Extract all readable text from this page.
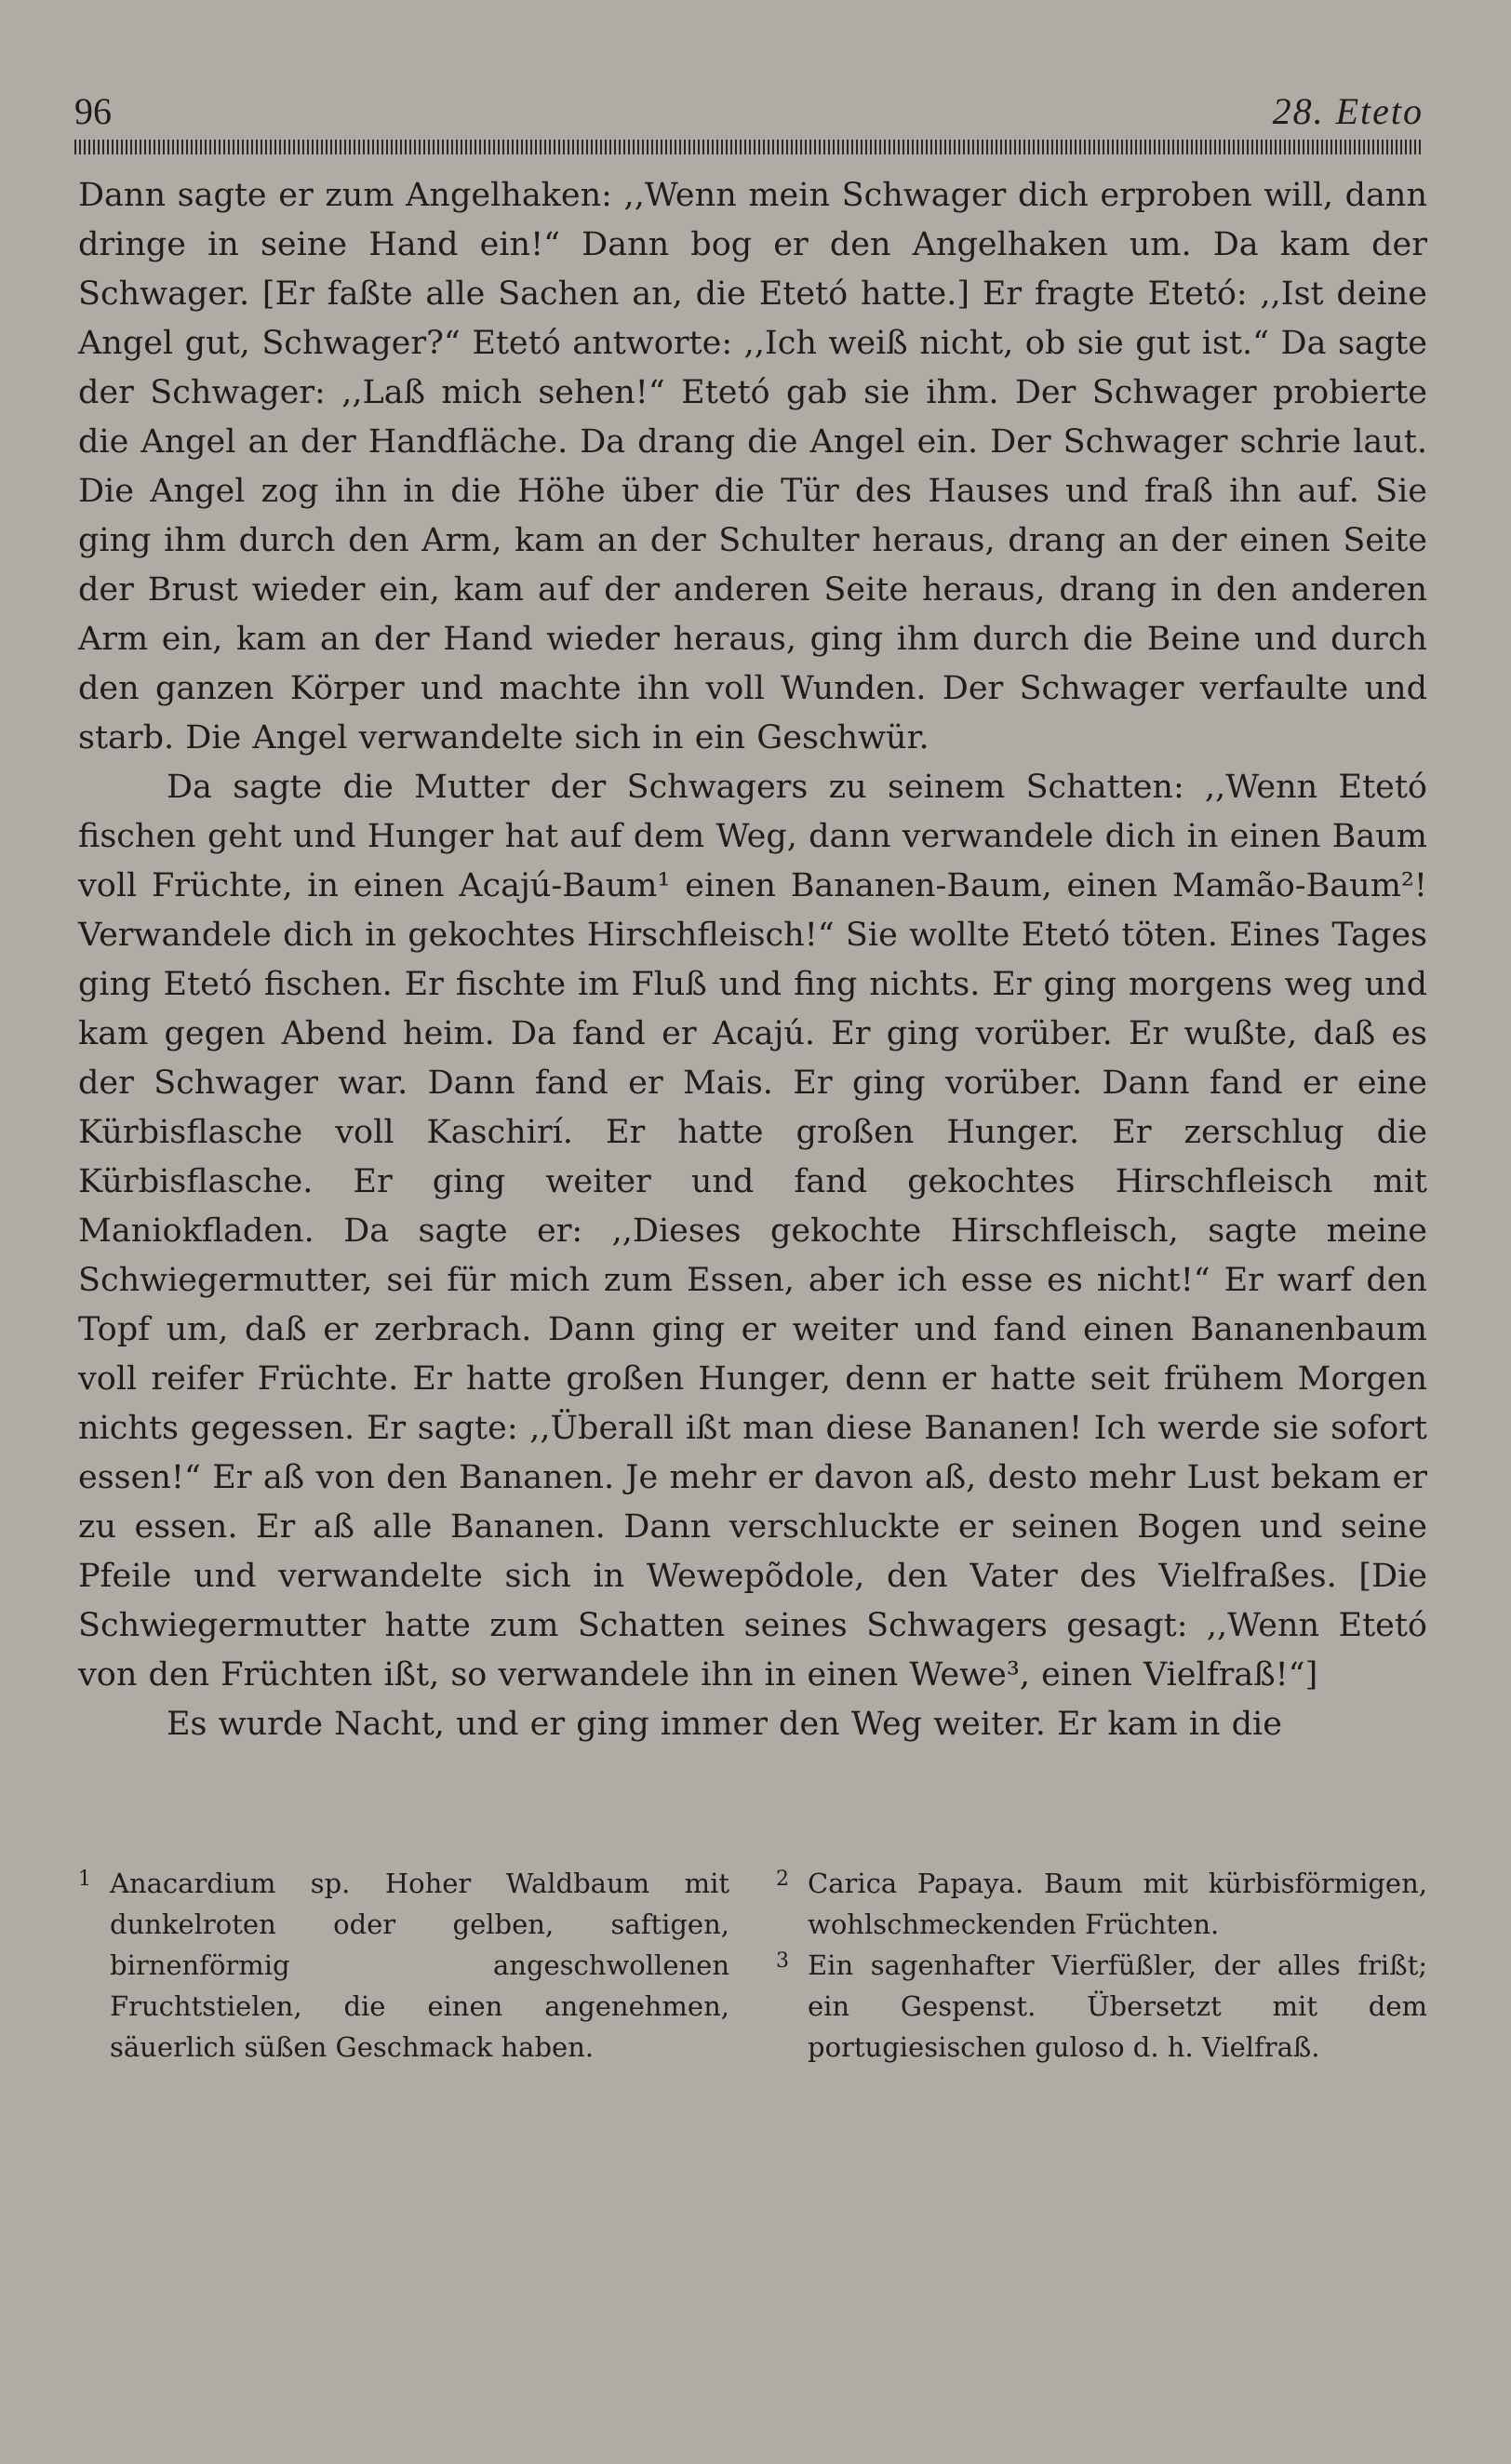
96	28. Eteto

Dann sagte er zum Angelhaken: ,,Wenn mein Schwager dich erproben will, dann dringe in seine Hand ein!“ Dann bog er den Angelhaken um. Da kam der Schwager. [Er faßte alle Sachen an, die Etetó hatte.] Er fragte Etetó: ,,Ist deine Angel gut, Schwager?“ Etetó antworte: ,,Ich weiß nicht, ob sie gut ist.“ Da sagte der Schwager: ,,Laß mich sehen!“ Etetó gab sie ihm. Der Schwager probierte die Angel an der Handfläche. Da drang die Angel ein. Der Schwager schrie laut. Die Angel zog ihn in die Höhe über die Tür des Hauses und fraß ihn auf. Sie ging ihm durch den Arm, kam an der Schulter heraus, drang an der einen Seite der Brust wieder ein, kam auf der anderen Seite heraus, drang in den anderen Arm ein, kam an der Hand wieder heraus, ging ihm durch die Beine und durch den ganzen Körper und machte ihn voll Wunden. Der Schwager verfaulte und starb. Die Angel verwandelte sich in ein Geschwür.

Da sagte die Mutter der Schwagers zu seinem Schatten: ,,Wenn Etetó fischen geht und Hunger hat auf dem Weg, dann verwandele dich in einen Baum voll Früchte, in einen Acajú-Baum¹ einen Bananen-Baum, einen Mamão-Baum²! Verwandele dich in gekochtes Hirschfleisch!“ Sie wollte Etetó töten. Eines Tages ging Etetó fischen. Er fischte im Fluß und fing nichts. Er ging morgens weg und kam gegen Abend heim. Da fand er Acajú. Er ging vorüber. Er wußte, daß es der Schwager war. Dann fand er Mais. Er ging vorüber. Dann fand er eine Kürbisflasche voll Kaschirí. Er hatte großen Hunger. Er zerschlug die Kürbisflasche. Er ging weiter und fand gekochtes Hirschfleisch mit Maniokfladen. Da sagte er: ,,Dieses gekochte Hirschfleisch, sagte meine Schwiegermutter, sei für mich zum Essen, aber ich esse es nicht!“ Er warf den Topf um, daß er zerbrach. Dann ging er weiter und fand einen Bananenbaum voll reifer Früchte. Er hatte großen Hunger, denn er hatte seit frühem Morgen nichts gegessen. Er sagte: ,,Überall ißt man diese Bananen! Ich werde sie sofort essen!“ Er aß von den Bananen. Je mehr er davon aß, desto mehr Lust bekam er zu essen. Er aß alle Bananen. Dann verschluckte er seinen Bogen und seine Pfeile und verwandelte sich in Wewepõdole, den Vater des Vielfraßes. [Die Schwiegermutter hatte zum Schatten seines Schwagers gesagt: ,,Wenn Etetó von den Früchten ißt, so verwandele ihn in einen Wewe³, einen Vielfraß!“]

Es wurde Nacht, und er ging immer den Weg weiter. Er kam in die

1 Anacardium sp. Hoher Waldbaum mit dunkelroten oder gelben, saftigen, birnenförmig angeschwollenen Fruchtstielen, die einen angenehmen, säuerlich süßen Geschmack haben.
2 Carica Papaya. Baum mit kürbisförmigen, wohlschmeckenden Früchten.
3 Ein sagenhafter Vierfüßler, der alles frißt; ein Gespenst. Übersetzt mit dem portugiesischen guloso d. h. Vielfraß.
